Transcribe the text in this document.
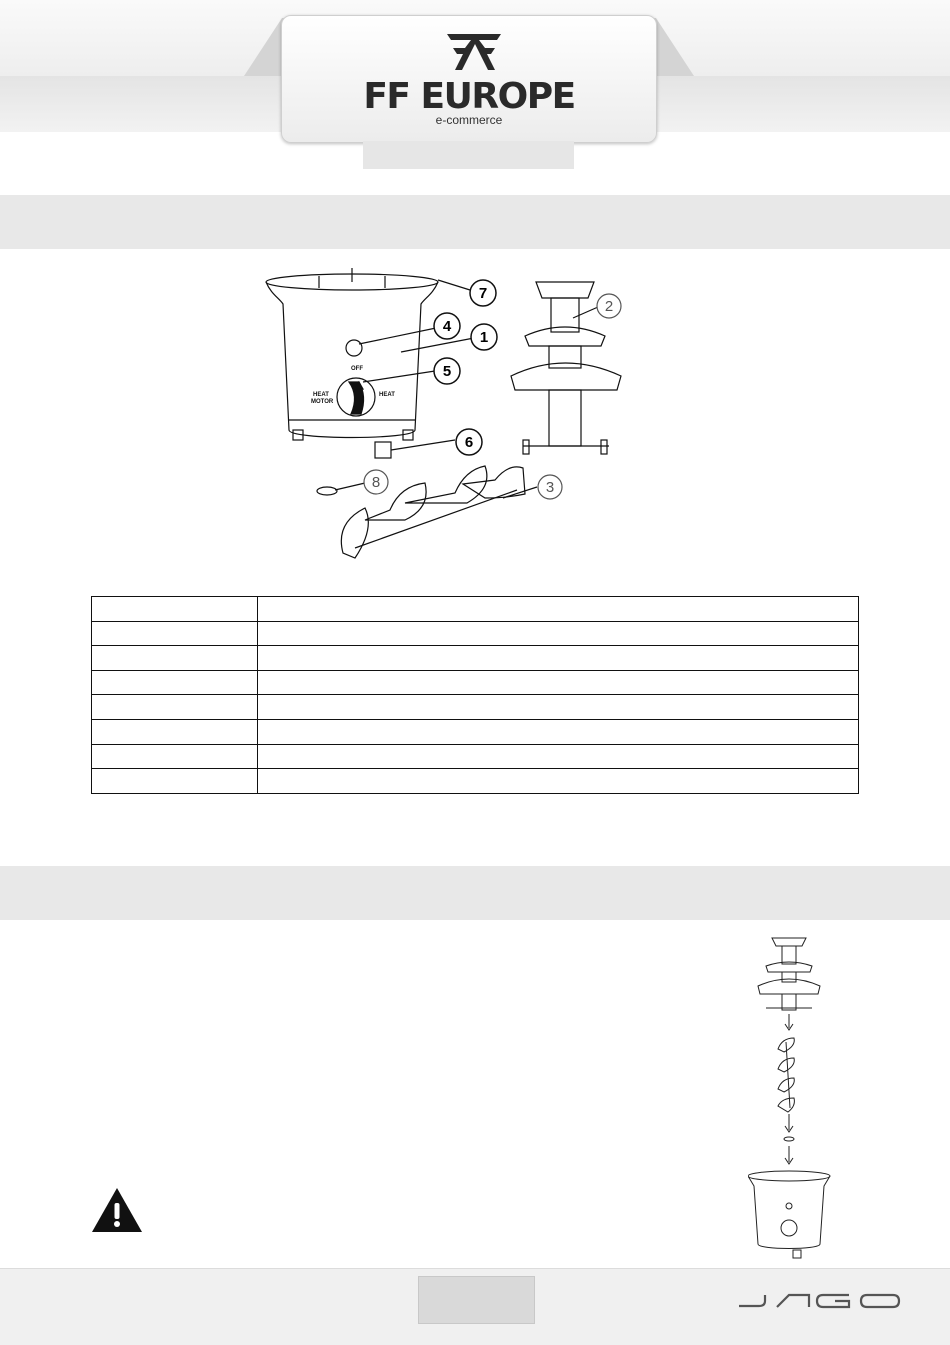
FF EUROPE
e-commerce
7
4
1
5
6
2
8	3
OFF
HEAT
MOTOR
HEAT
